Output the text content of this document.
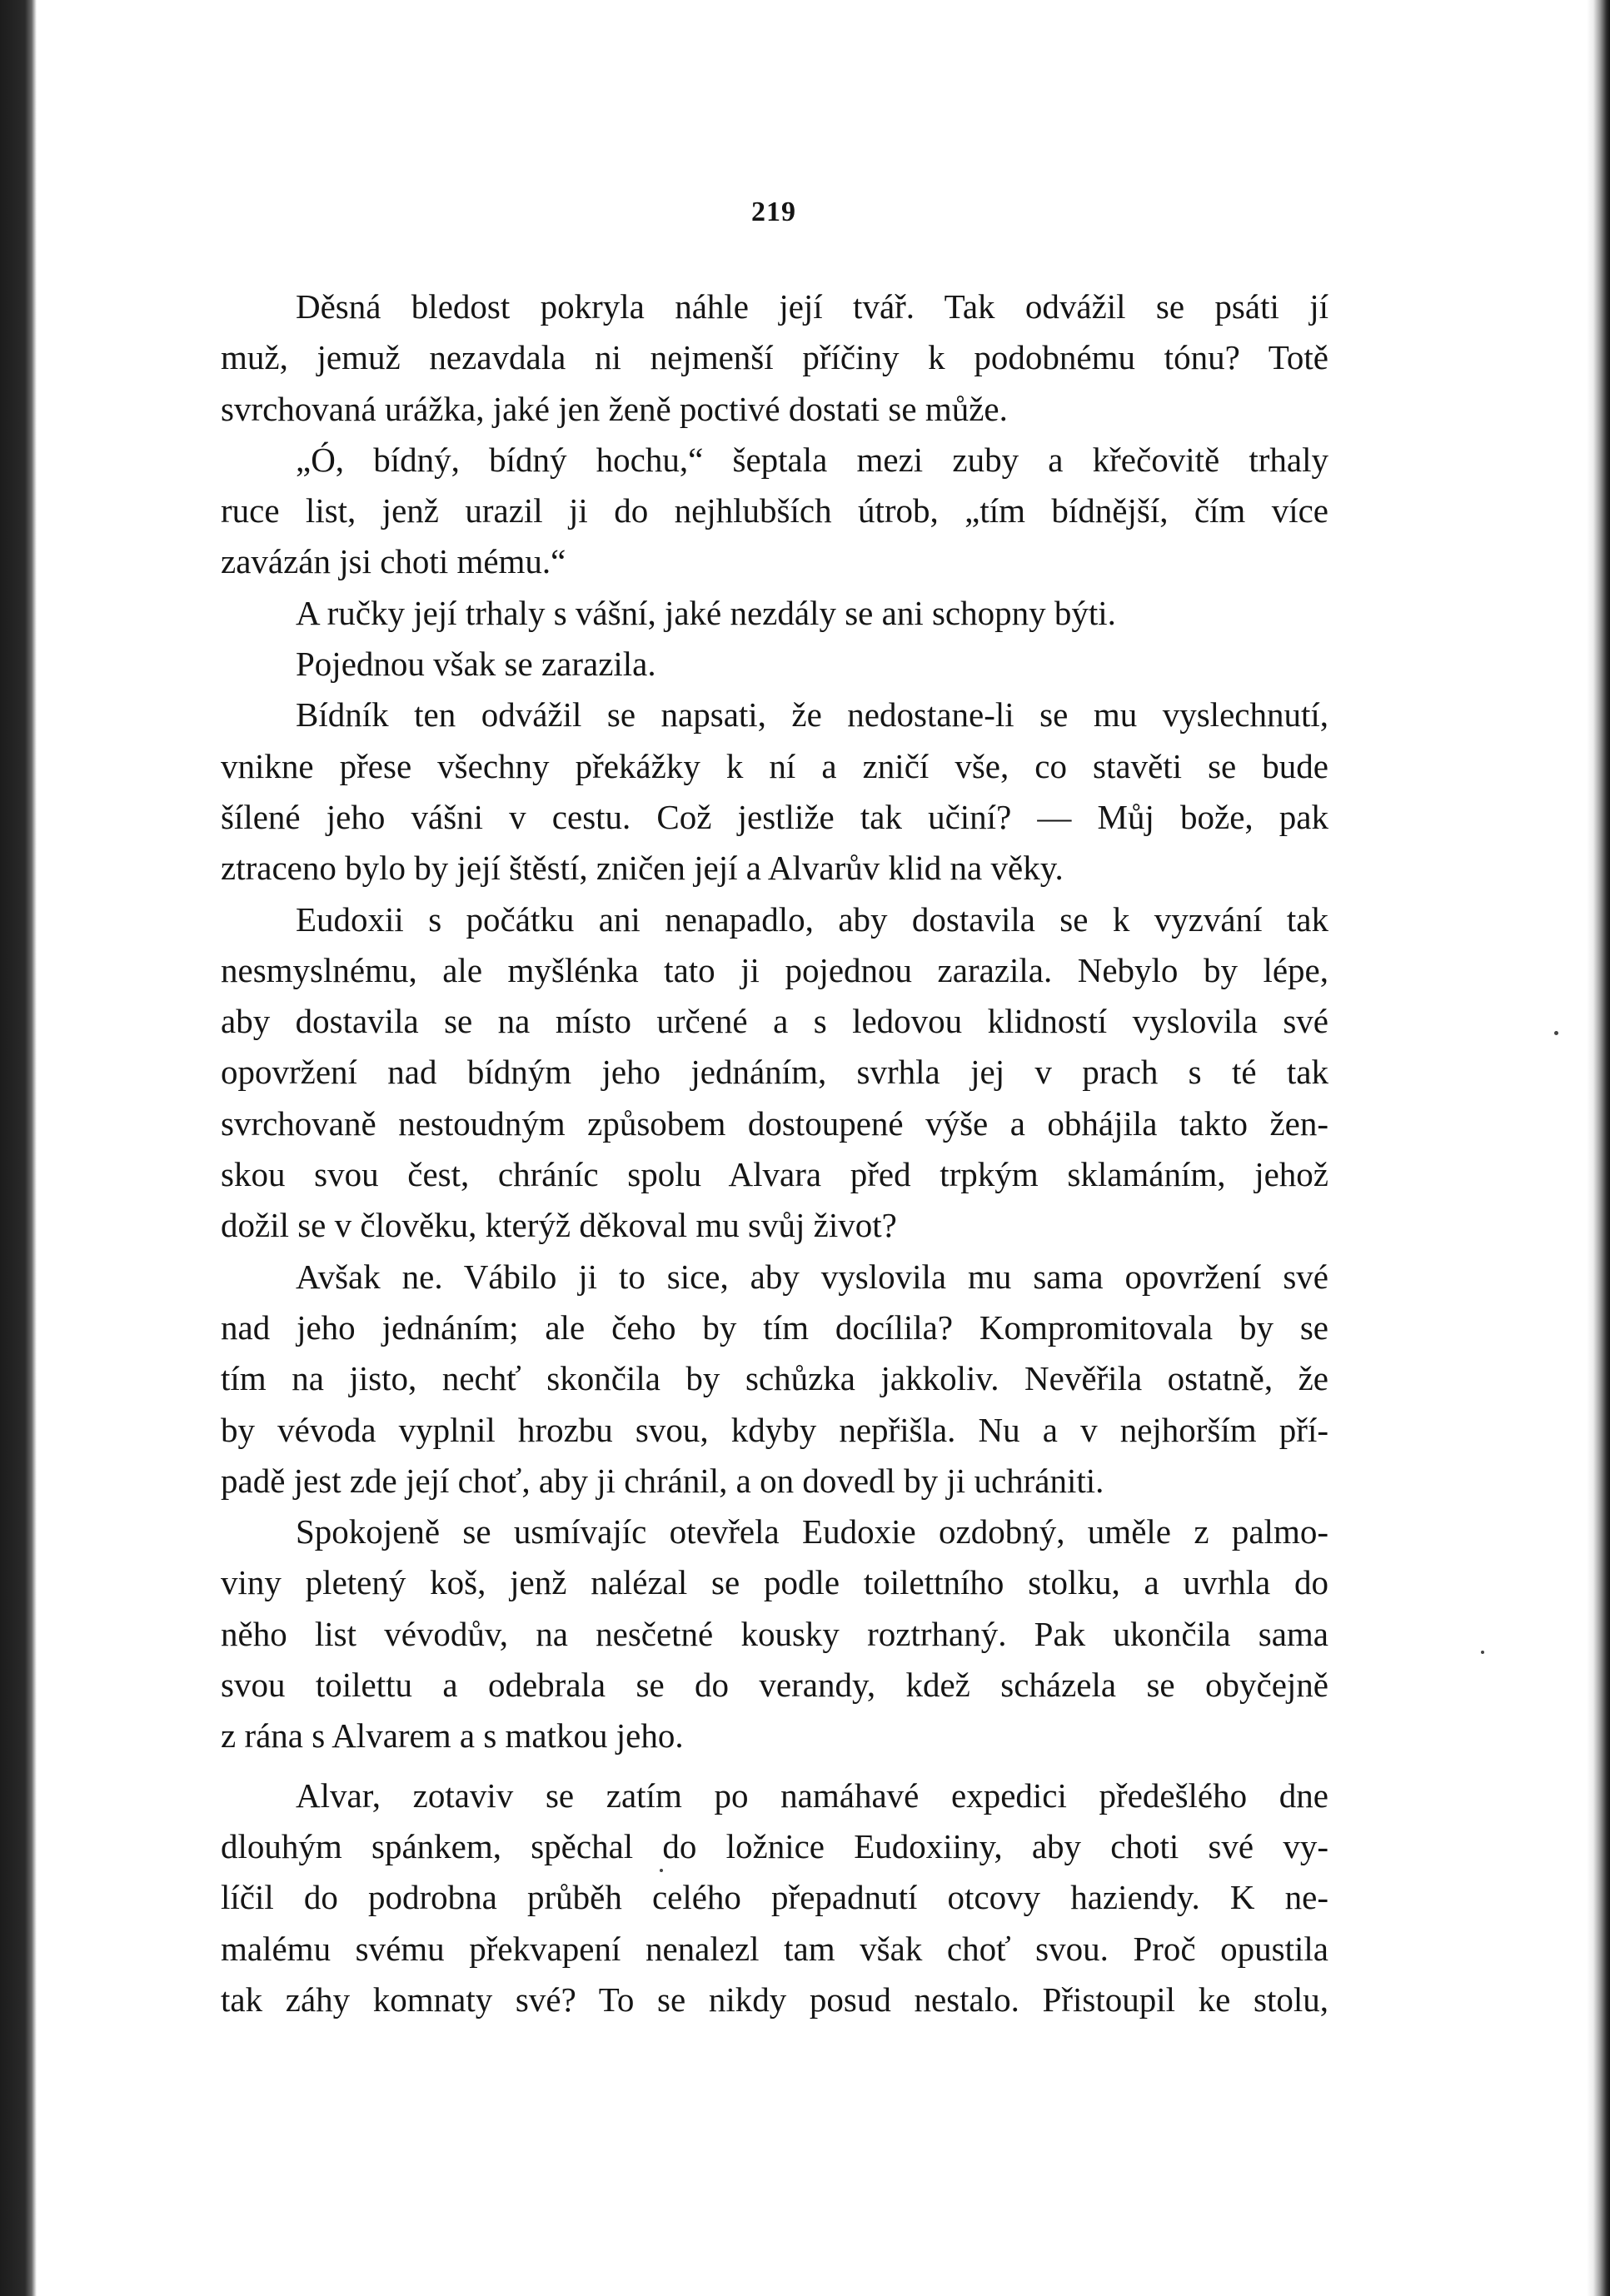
219
Děsná bledost pokryla náhle její tvář. Tak odvážil se psáti jí
muž, jemuž nezavdala ni nejmenší příčiny k podobnému tónu? Totě
svrchovaná urážka, jaké jen ženě poctivé dostati se může.
„Ó, bídný, bídný hochu,“ šeptala mezi zuby a křečovitě trhaly
ruce list, jenž urazil ji do nejhlubších útrob, „tím bídnější, čím více
zavázán jsi choti mému.“
A ručky její trhaly s vášní, jaké nezdály se ani schopny býti.
Pojednou však se zarazila.
Bídník ten odvážil se napsati, že nedostane-li se mu vyslechnutí,
vnikne přese všechny překážky k ní a zničí vše, co stavěti se bude
šílené jeho vášni v cestu. Což jestliže tak učiní? — Můj bože, pak
ztraceno bylo by její štěstí, zničen její a Alvarův klid na věky.
Eudoxii s počátku ani nenapadlo, aby dostavila se k vyzvání tak
nesmyslnému, ale myšlénka tato ji pojednou zarazila. Nebylo by lépe,
aby dostavila se na místo určené a s ledovou klidností vyslovila své
opovržení nad bídným jeho jednáním, svrhla jej v prach s té tak
svrchovaně nestoudným způsobem dostoupené výše a obhájila takto žen-
skou svou čest, chráníc spolu Alvara před trpkým sklamáním, jehož
dožil se v člověku, kterýž děkoval mu svůj život?
Avšak ne. Vábilo ji to sice, aby vyslovila mu sama opovržení své
nad jeho jednáním; ale čeho by tím docílila? Kompromitovala by se
tím na jisto, nechť skončila by schůzka jakkoliv. Nevěřila ostatně, že
by vévoda vyplnil hrozbu svou, kdyby nepřišla. Nu a v nejhorším pří-
padě jest zde její choť, aby ji chránil, a on dovedl by ji uchrániti.
Spokojeně se usmívajíc otevřela Eudoxie ozdobný, uměle z palmo-
viny pletený koš, jenž nalézal se podle toilettního stolku, a uvrhla do
něho list vévodův, na nesčetné kousky roztrhaný. Pak ukončila sama
svou toilettu a odebrala se do verandy, kdež scházela se obyčejně
z rána s Alvarem a s matkou jeho.
Alvar, zotaviv se zatím po namáhavé expedici předešlého dne
dlouhým spánkem, spěchal do ložnice Eudoxiiny, aby choti své vy-
líčil do podrobna průběh celého přepadnutí otcovy haziendy. K ne-
malému svému překvapení nenalezl tam však choť svou. Proč opustila
tak záhy komnaty své? To se nikdy posud nestalo. Přistoupil ke stolu,
